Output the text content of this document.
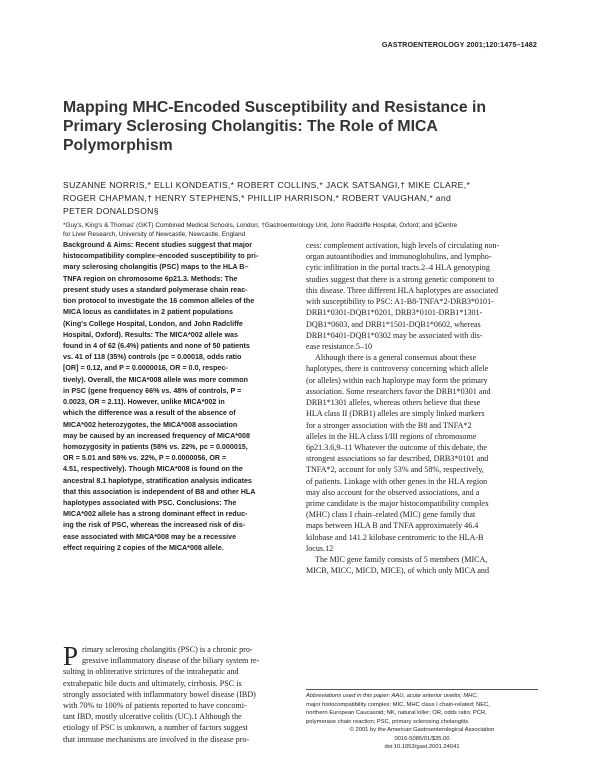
GASTROENTEROLOGY 2001;120:1475–1482
Mapping MHC-Encoded Susceptibility and Resistance in
Primary Sclerosing Cholangitis: The Role of MICA
Polymorphism
SUZANNE NORRIS,* ELLI KONDEATIS,* ROBERT COLLINS,* JACK SATSANGI,† MIKE CLARE,*
ROGER CHAPMAN,† HENRY STEPHENS,* PHILLIP HARRISON,* ROBERT VAUGHAN,* and
PETER DONALDSON§
*Guy's, King's & Thomas' (GKT) Combined Medical Schools, London; †Gastroenterology Unit, John Radcliffe Hospital, Oxford; and §Centre
for Liver Research, University of Newcastle, Newcastle, England
Background & Aims: Recent studies suggest that major
histocompatibility complex–encoded susceptibility to pri-
mary sclerosing cholangitis (PSC) maps to the HLA B–
TNFA region on chromosome 6p21.3. Methods: The
present study uses a standard polymerase chain reac-
tion protocol to investigate the 16 common alleles of the
MICA locus as candidates in 2 patient populations
(King's College Hospital, London, and John Radcliffe
Hospital, Oxford). Results: The MICA*002 allele was
found in 4 of 62 (6.4%) patients and none of 50 patients
vs. 41 of 118 (35%) controls (pc = 0.00018, odds ratio
[OR] = 0.12, and P = 0.0000016, OR = 0.0, respec-
tively). Overall, the MICA*008 allele was more common
in PSC (gene frequency 66% vs. 48% of controls, P =
0.0023, OR = 2.11). However, unlike MICA*002 in
which the difference was a result of the absence of
MICA*002 heterozygotes, the MICA*008 association
may be caused by an increased frequency of MICA*008
homozygosity in patients (58% vs. 22%, pc = 0.000015,
OR = 5.01 and 58% vs. 22%, P = 0.0000056, OR =
4.51, respectively). Though MICA*008 is found on the
ancestral 8.1 haplotype, stratification analysis indicates
that this association is independent of B8 and other HLA
haplotypes associated with PSC. Conclusions: The
MICA*002 allele has a strong dominant effect in reduc-
ing the risk of PSC, whereas the increased risk of dis-
ease associated with MICA*008 may be a recessive
effect requiring 2 copies of the MICA*008 allele.
P rimary sclerosing cholangitis (PSC) is a chronic pro-
gressive inflammatory disease of the biliary system re-
sulting in obliterative strictures of the intrahepatic and
extrahepatic bile ducts and ultimately, cirrhosis. PSC is
strongly associated with inflammatory bowel disease (IBD)
with 70% to 100% of patients reported to have concomi-
tant IBD, mostly ulcerative colitis (UC).1 Although the
etiology of PSC is unknown, a number of factors suggest
that immune mechanisms are involved in the disease pro-
cess: complement activation, high levels of circulating non-
organ autoantibodies and immunoglobulins, and lympho-
cytic infiltration in the portal tracts.2–4 HLA genotyping
studies suggest that there is a strong genetic component to
this disease. Three different HLA haplotypes are associated
with susceptibility to PSC: A1-B8-TNFA*2-DRB3*0101-
DRB1*0301-DQB1*0201, DRB3*0101-DRB1*1301-
DQB1*0603, and DRB1*1501-DQB1*0602, whereas
DRB1*0401-DQB1*0302 may be associated with dis-
ease resistance.5–10
Although there is a general consensus about these
haplotypes, there is controversy concerning which allele
(or alleles) within each haplotype may form the primary
association. Some researchers favor the DRB1*0301 and
DRB1*1301 alleles, whereas others believe that these
HLA class II (DRB1) alleles are simply linked markers
for a stronger association with the B8 and TNFA*2
alleles in the HLA class I/III regions of chromosome
6p21.3.6,9–11 Whatever the outcome of this debate, the
strongest associations so far described, DRB3*0101 and
TNFA*2, account for only 53% and 58%, respectively,
of patients. Linkage with other genes in the HLA region
may also account for the observed associations, and a
prime candidate is the major histocompatibility complex
(MHC) class I chain–related (MIC) gene family that
maps between HLA B and TNFA approximately 46.4
kilobase and 141.2 kilobase centromeric to the HLA-B
locus.12
The MIC gene family consists of 5 members (MICA,
MICB, MICC, MICD, MICE), of which only MICA and
Abbreviations used in this paper: AAU, acute anterior uveitis; MHC,
major histocompatibility complex; MIC, MHC class I chain-related; NEC,
northern European Caucasoid; NK, natural killer; OR, odds ratio; PCR,
polymerase chain reaction; PSC, primary sclerosing cholangitis.
© 2001 by the American Gastroenterological Association
0016-5085/01/$35.00
doi:10.1053/gast.2001.24041
